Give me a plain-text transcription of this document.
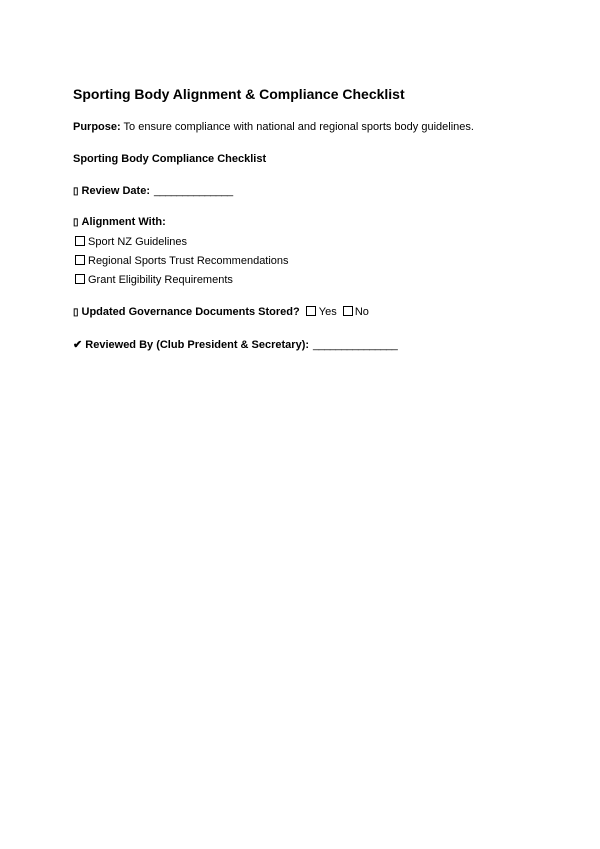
Sporting Body Alignment & Compliance Checklist
Purpose: To ensure compliance with national and regional sports body guidelines.
Sporting Body Compliance Checklist
▯ Review Date: ______________
▯ Alignment With:
Sport NZ Guidelines
Regional Sports Trust Recommendations
Grant Eligibility Requirements
▯ Updated Governance Documents Stored? Yes No
✔ Reviewed By (Club President & Secretary): _______________
